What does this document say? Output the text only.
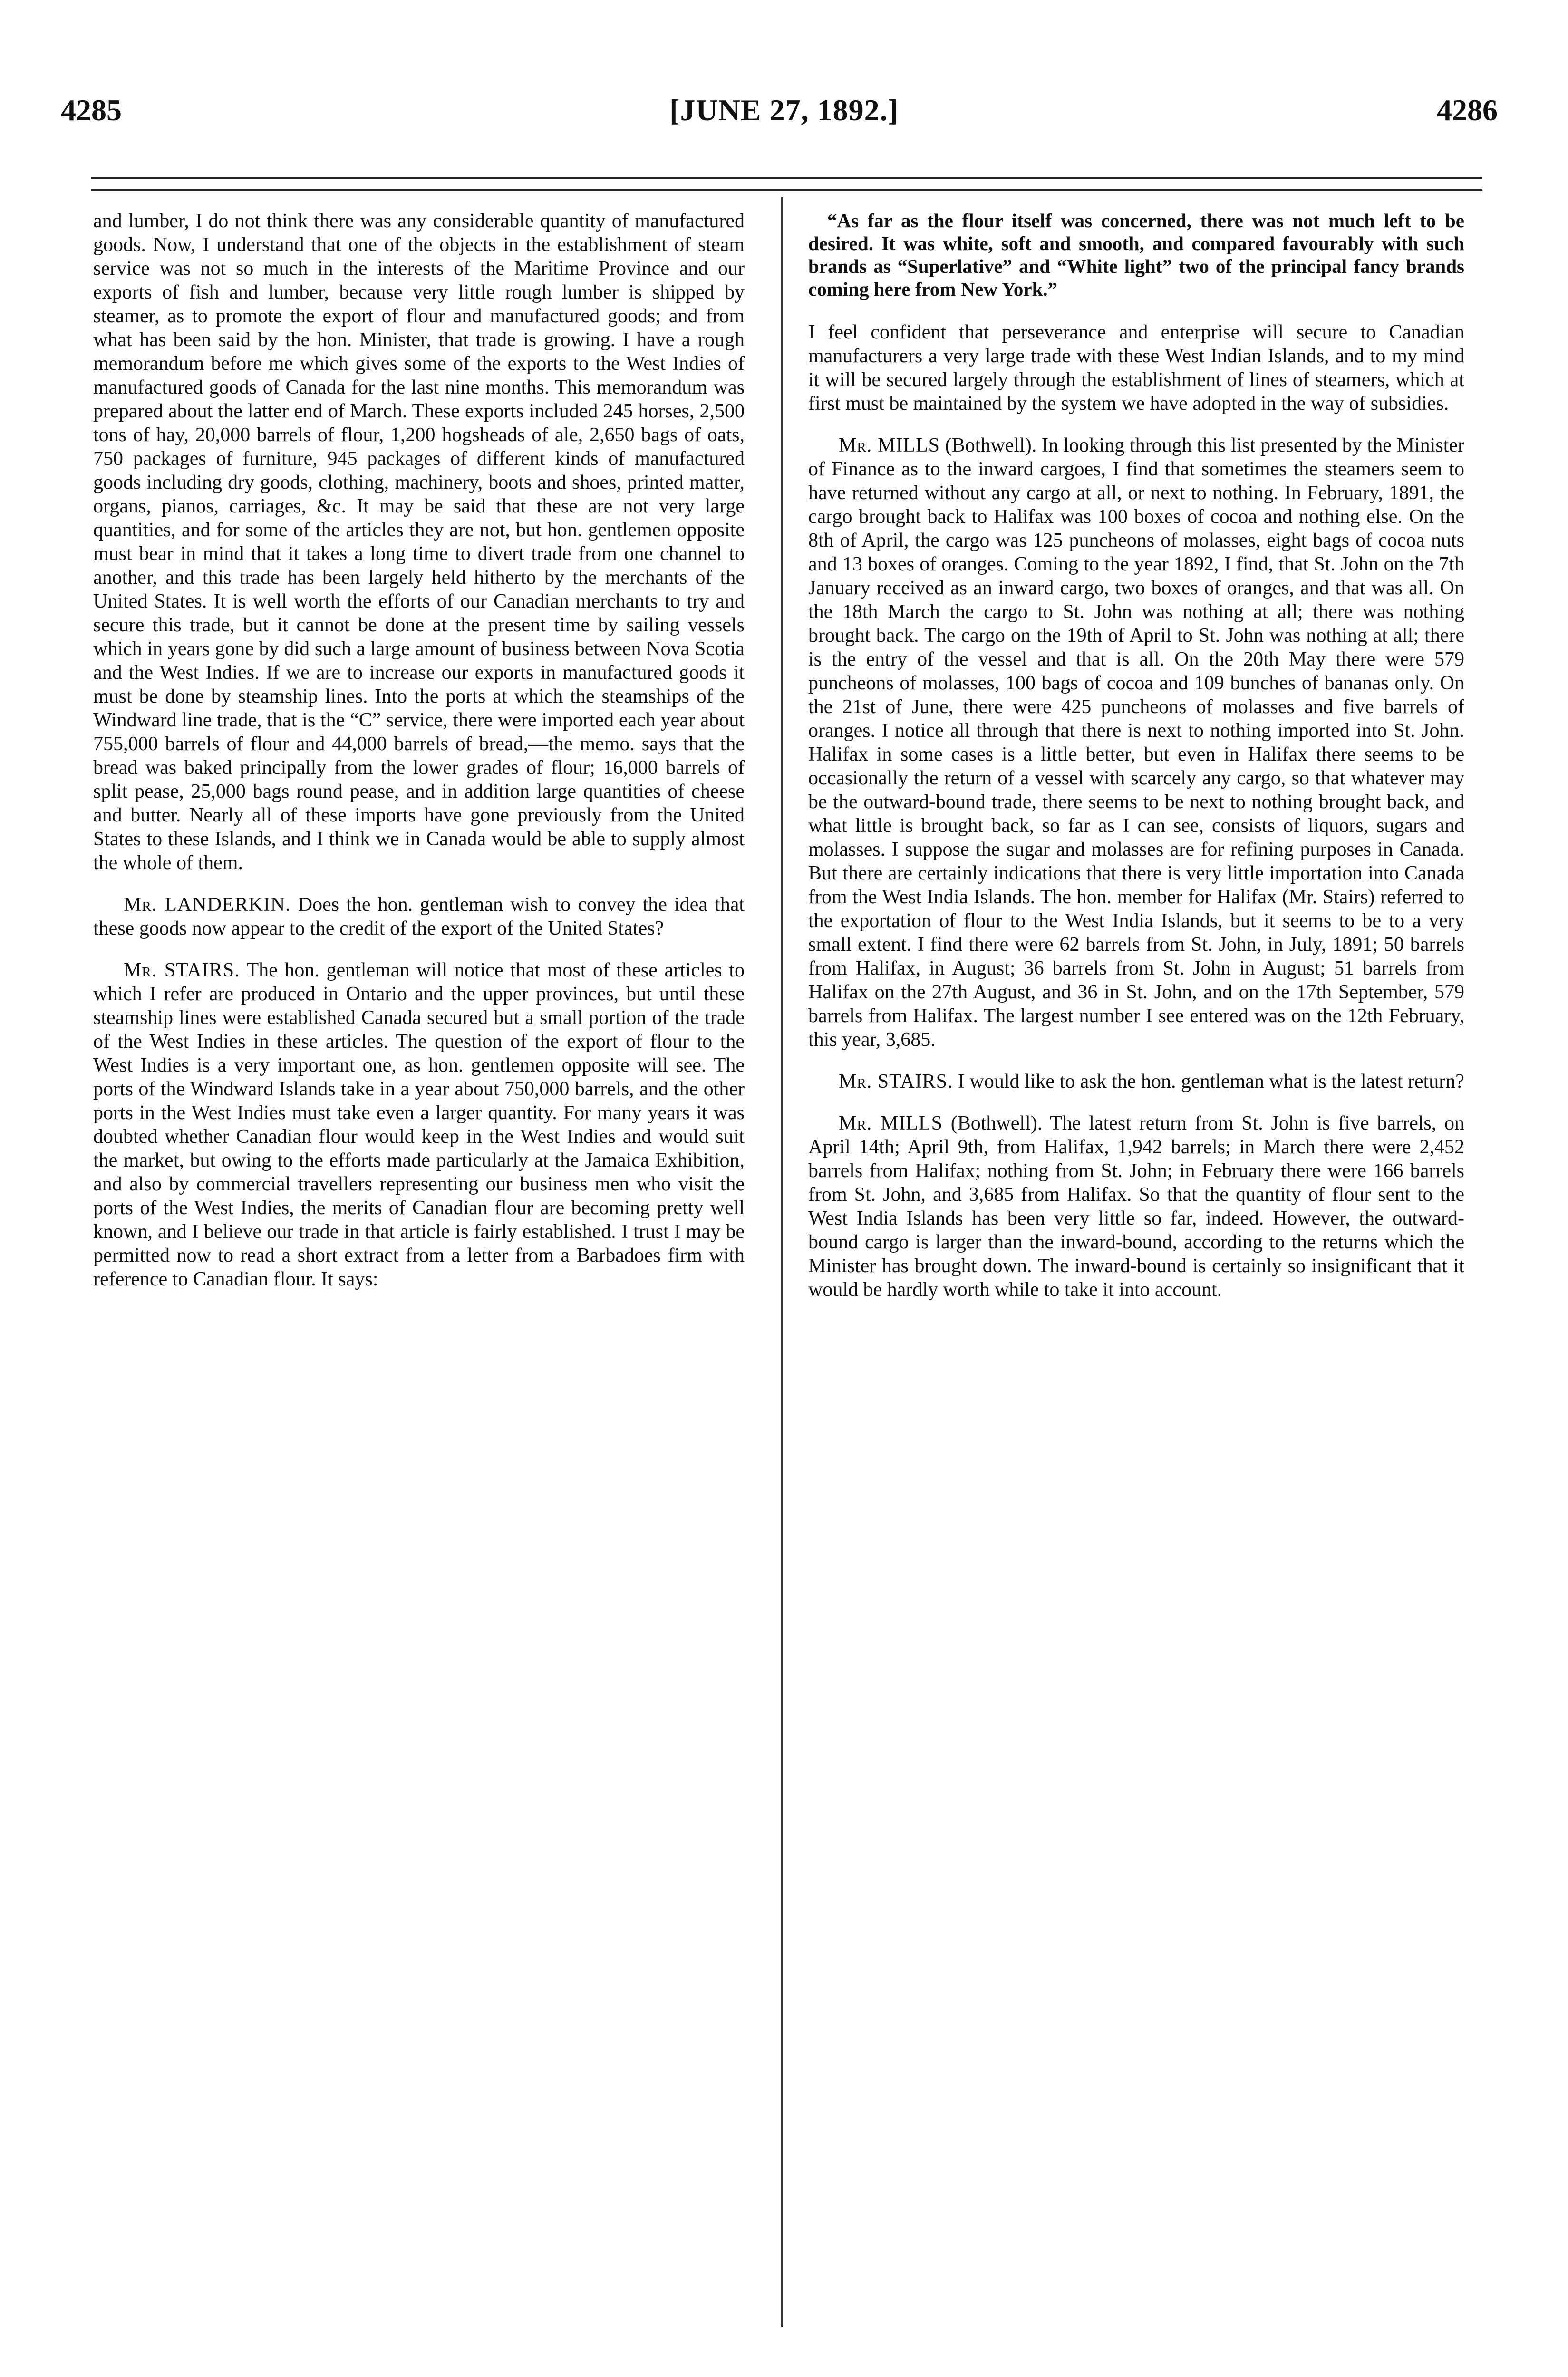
4285	[JUNE 27, 1892.]	4286

and lumber, I do not think there was any considerable quantity of manufactured goods. Now, I understand that one of the objects in the establishment of steam service was not so much in the interests of the Maritime Province and our exports of fish and lumber, because very little rough lumber is shipped by steamer, as to promote the export of flour and manufactured goods; and from what has been said by the hon. Minister, that trade is growing. I have a rough memorandum before me which gives some of the exports to the West Indies of manufactured goods of Canada for the last nine months. This memorandum was prepared about the latter end of March. These exports included 245 horses, 2,500 tons of hay, 20,000 barrels of flour, 1,200 hogsheads of ale, 2,650 bags of oats, 750 packages of furniture, 945 packages of different kinds of manufactured goods including dry goods, clothing, machinery, boots and shoes, printed matter, organs, pianos, carriages, &c. It may be said that these are not very large quantities, and for some of the articles they are not, but hon. gentlemen opposite must bear in mind that it takes a long time to divert trade from one channel to another, and this trade has been largely held hitherto by the merchants of the United States. It is well worth the efforts of our Canadian merchants to try and secure this trade, but it cannot be done at the present time by sailing vessels which in years gone by did such a large amount of business between Nova Scotia and the West Indies. If we are to increase our exports in manufactured goods it must be done by steamship lines. Into the ports at which the steamships of the Windward line trade, that is the “C” service, there were imported each year about 755,000 barrels of flour and 44,000 barrels of bread,—the memo. says that the bread was baked principally from the lower grades of flour; 16,000 barrels of split pease, 25,000 bags round pease, and in addition large quantities of cheese and butter. Nearly all of these imports have gone previously from the United States to these Islands, and I think we in Canada would be able to supply almost the whole of them.

Mr. LANDERKIN. Does the hon. gentleman wish to convey the idea that these goods now appear to the credit of the export of the United States?

Mr. STAIRS. The hon. gentleman will notice that most of these articles to which I refer are produced in Ontario and the upper provinces, but until these steamship lines were established Canada secured but a small portion of the trade of the West Indies in these articles. The question of the export of flour to the West Indies is a very important one, as hon. gentlemen opposite will see. The ports of the Windward Islands take in a year about 750,000 barrels, and the other ports in the West Indies must take even a larger quantity. For many years it was doubted whether Canadian flour would keep in the West Indies and would suit the market, but owing to the efforts made particularly at the Jamaica Exhibition, and also by commercial travellers representing our business men who visit the ports of the West Indies, the merits of Canadian flour are becoming pretty well known, and I believe our trade in that article is fairly established. I trust I may be permitted now to read a short extract from a letter from a Barbadoes firm with reference to Canadian flour. It says:

“As far as the flour itself was concerned, there was not much left to be desired. It was white, soft and smooth, and compared favourably with such brands as “Superlative” and “White light” two of the principal fancy brands coming here from New York.”

I feel confident that perseverance and enterprise will secure to Canadian manufacturers a very large trade with these West Indian Islands, and to my mind it will be secured largely through the establishment of lines of steamers, which at first must be maintained by the system we have adopted in the way of subsidies.

Mr. MILLS (Bothwell). In looking through this list presented by the Minister of Finance as to the inward cargoes, I find that sometimes the steamers seem to have returned without any cargo at all, or next to nothing. In February, 1891, the cargo brought back to Halifax was 100 boxes of cocoa and nothing else. On the 8th of April, the cargo was 125 puncheons of molasses, eight bags of cocoa nuts and 13 boxes of oranges. Coming to the year 1892, I find, that St. John on the 7th January received as an inward cargo, two boxes of oranges, and that was all. On the 18th March the cargo to St. John was nothing at all; there was nothing brought back. The cargo on the 19th of April to St. John was nothing at all; there is the entry of the vessel and that is all. On the 20th May there were 579 puncheons of molasses, 100 bags of cocoa and 109 bunches of bananas only. On the 21st of June, there were 425 puncheons of molasses and five barrels of oranges. I notice all through that there is next to nothing imported into St. John. Halifax in some cases is a little better, but even in Halifax there seems to be occasionally the return of a vessel with scarcely any cargo, so that whatever may be the outward-bound trade, there seems to be next to nothing brought back, and what little is brought back, so far as I can see, consists of liquors, sugars and molasses. I suppose the sugar and molasses are for refining purposes in Canada. But there are certainly indications that there is very little importation into Canada from the West India Islands. The hon. member for Halifax (Mr. Stairs) referred to the exportation of flour to the West India Islands, but it seems to be to a very small extent. I find there were 62 barrels from St. John, in July, 1891; 50 barrels from Halifax, in August; 36 barrels from St. John in August; 51 barrels from Halifax on the 27th August, and 36 in St. John, and on the 17th September, 579 barrels from Halifax. The largest number I see entered was on the 12th February, this year, 3,685.

Mr. STAIRS. I would like to ask the hon. gentleman what is the latest return?

Mr. MILLS (Bothwell). The latest return from St. John is five barrels, on April 14th; April 9th, from Halifax, 1,942 barrels; in March there were 2,452 barrels from Halifax; nothing from St. John; in February there were 166 barrels from St. John, and 3,685 from Halifax. So that the quantity of flour sent to the West India Islands has been very little so far, indeed. However, the outward-bound cargo is larger than the inward-bound, according to the returns which the Minister has brought down. The inward-bound is certainly so insignificant that it would be hardly worth while to take it into account.
